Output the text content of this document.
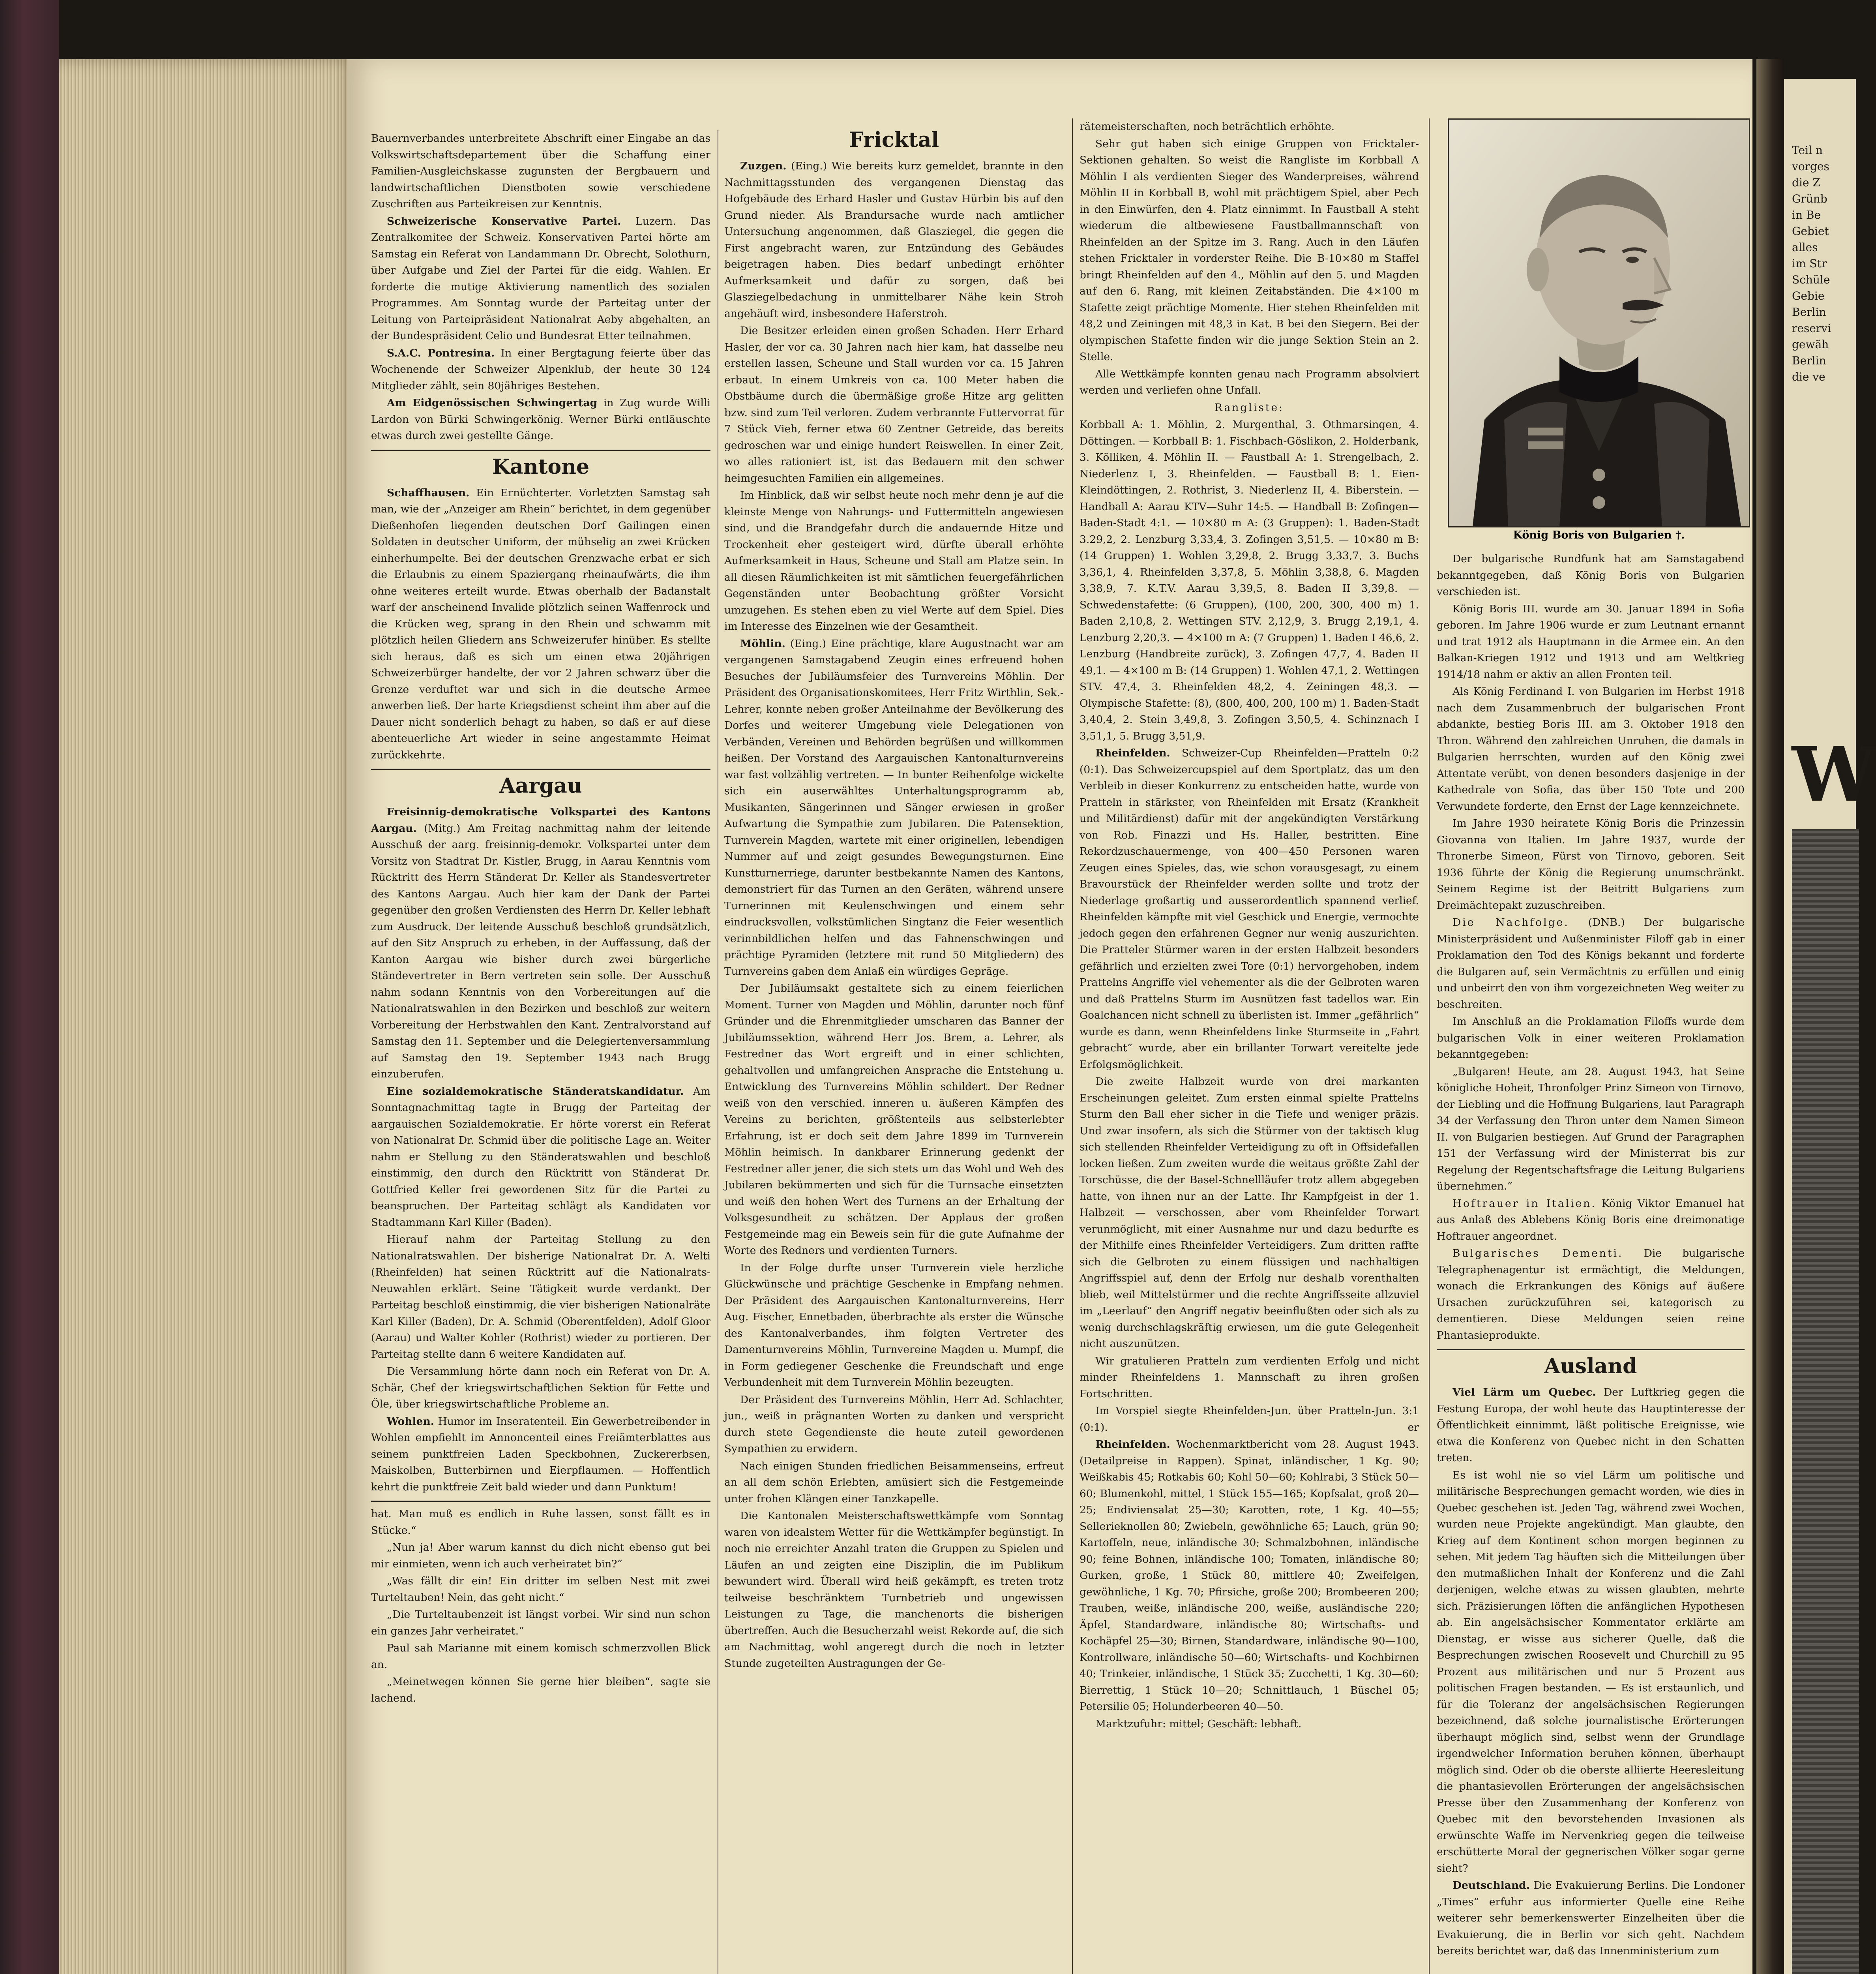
Bauernverbandes unterbreitete Abschrift einer Eingabe an das Volkswirtschaftsdepartement über die Schaffung einer Familien-Ausgleichskasse zugunsten der Bergbauern und landwirtschaftlichen Dienstboten sowie verschiedene Zuschriften aus Parteikreisen zur Kenntnis.

Schweizerische Konservative Partei. Luzern. Das Zentralkomitee der Schweiz. Konservativen Partei hörte am Samstag ein Referat von Landammann Dr. Obrecht, Solothurn, über Aufgabe und Ziel der Partei für die eidg. Wahlen. Er forderte die mutige Aktivierung namentlich des sozialen Programmes. Am Sonntag wurde der Parteitag unter der Leitung von Parteipräsident Nationalrat Aeby abgehalten, an der Bundespräsident Celio und Bundesrat Etter teilnahmen.

S.A.C. Pontresina. In einer Bergtagung feierte über das Wochenende der Schweizer Alpenklub, der heute 30 124 Mitglieder zählt, sein 80jähriges Bestehen.

Am Eidgenössischen Schwingertag in Zug wurde Willi Lardon von Bürki Schwingerkönig. Werner Bürki entläuschte etwas durch zwei gestellte Gänge.

Kantone

Schaffhausen. Ein Ernüchterter. Vorletzten Samstag sah man, wie der „Anzeiger am Rhein“ berichtet, in dem gegenüber Dießenhofen liegenden deutschen Dorf Gailingen einen Soldaten in deutscher Uniform, der mühselig an zwei Krücken einherhumpelte. Bei der deutschen Grenzwache erbat er sich die Erlaubnis zu einem Spaziergang rheinaufwärts, die ihm ohne weiteres erteilt wurde. Etwas oberhalb der Badanstalt warf der anscheinend Invalide plötzlich seinen Waffenrock und die Krücken weg, sprang in den Rhein und schwamm mit plötzlich heilen Gliedern ans Schweizerufer hinüber. Es stellte sich heraus, daß es sich um einen etwa 20jährigen Schweizerbürger handelte, der vor 2 Jahren schwarz über die Grenze verduftet war und sich in die deutsche Armee anwerben ließ. Der harte Kriegsdienst scheint ihm aber auf die Dauer nicht sonderlich behagt zu haben, so daß er auf diese abenteuerliche Art wieder in seine angestammte Heimat zurückkehrte.

Aargau

Freisinnig-demokratische Volkspartei des Kantons Aargau. (Mitg.) Am Freitag nachmittag nahm der leitende Ausschuß der aarg. freisinnig-demokr. Volkspartei unter dem Vorsitz von Stadtrat Dr. Kistler, Brugg, in Aarau Kenntnis vom Rücktritt des Herrn Ständerat Dr. Keller als Standesvertreter des Kantons Aargau. Auch hier kam der Dank der Partei gegenüber den großen Verdiensten des Herrn Dr. Keller lebhaft zum Ausdruck. Der leitende Ausschuß beschloß grundsätzlich, auf den Sitz Anspruch zu erheben, in der Auffassung, daß der Kanton Aargau wie bisher durch zwei bürgerliche Ständevertreter in Bern vertreten sein solle. Der Ausschuß nahm sodann Kenntnis von den Vorbereitungen auf die Nationalratswahlen in den Bezirken und beschloß zur weitern Vorbereitung der Herbstwahlen den Kant. Zentralvorstand auf Samstag den 11. September und die Delegiertenversammlung auf Samstag den 19. September 1943 nach Brugg einzuberufen.

Eine sozialdemokratische Ständeratskandidatur. Am Sonntagnachmittag tagte in Brugg der Parteitag der aargauischen Sozialdemokratie. Er hörte vorerst ein Referat von Nationalrat Dr. Schmid über die politische Lage an. Weiter nahm er Stellung zu den Ständeratswahlen und beschloß einstimmig, den durch den Rücktritt von Ständerat Dr. Gottfried Keller frei gewordenen Sitz für die Partei zu beanspruchen. Der Parteitag schlägt als Kandidaten vor Stadtammann Karl Killer (Baden).

Hierauf nahm der Parteitag Stellung zu den Nationalratswahlen. Der bisherige Nationalrat Dr. A. Welti (Rheinfelden) hat seinen Rücktritt auf die Nationalrats-Neuwahlen erklärt. Seine Tätigkeit wurde verdankt. Der Parteitag beschloß einstimmig, die vier bisherigen Nationalräte Karl Killer (Baden), Dr. A. Schmid (Oberentfelden), Adolf Gloor (Aarau) und Walter Kohler (Rothrist) wieder zu portieren. Der Parteitag stellte dann 6 weitere Kandidaten auf.

Die Versammlung hörte dann noch ein Referat von Dr. A. Schär, Chef der kriegswirtschaftlichen Sektion für Fette und Öle, über kriegswirtschaftliche Probleme an.

Wohlen. Humor im Inseratenteil. Ein Gewerbetreibender in Wohlen empfiehlt im Annoncenteil eines Freiämterblattes aus seinem punktfreien Laden Speckbohnen, Zuckererbsen, Maiskolben, Butterbirnen und Eierpflaumen. — Hoffentlich kehrt die punktfreie Zeit bald wieder und dann Punktum!

hat. Man muß es endlich in Ruhe lassen, sonst fällt es in Stücke.“

„Nun ja! Aber warum kannst du dich nicht ebenso gut bei mir einmieten, wenn ich auch verheiratet bin?“

„Was fällt dir ein! Ein dritter im selben Nest mit zwei Turteltauben! Nein, das geht nicht.“

„Die Turteltaubenzeit ist längst vorbei. Wir sind nun schon ein ganzes Jahr verheiratet.“

Paul sah Marianne mit einem komisch schmerzvollen Blick an.

„Meinetwegen können Sie gerne hier bleiben“, sagte sie lachend.

Fricktal

Zuzgen. (Eing.) Wie bereits kurz gemeldet, brannte in den Nachmittagsstunden des vergangenen Dienstag das Hofgebäude des Erhard Hasler und Gustav Hürbin bis auf den Grund nieder. Als Brandursache wurde nach amtlicher Untersuchung angenommen, daß Glasziegel, die gegen die First angebracht waren, zur Entzündung des Gebäudes beigetragen haben. Dies bedarf unbedingt erhöhter Aufmerksamkeit und dafür zu sorgen, daß bei Glasziegelbedachung in unmittelbarer Nähe kein Stroh angehäuft wird, insbesondere Haferstroh.

Die Besitzer erleiden einen großen Schaden. Herr Erhard Hasler, der vor ca. 30 Jahren nach hier kam, hat dasselbe neu erstellen lassen, Scheune und Stall wurden vor ca. 15 Jahren erbaut. In einem Umkreis von ca. 100 Meter haben die Obstbäume durch die übermäßige große Hitze arg gelitten bzw. sind zum Teil verloren. Zudem verbrannte Futtervorrat für 7 Stück Vieh, ferner etwa 60 Zentner Getreide, das bereits gedroschen war und einige hundert Reiswellen. In einer Zeit, wo alles rationiert ist, ist das Bedauern mit den schwer heimgesuchten Familien ein allgemeines.

Im Hinblick, daß wir selbst heute noch mehr denn je auf die kleinste Menge von Nahrungs- und Futtermitteln angewiesen sind, und die Brandgefahr durch die andauernde Hitze und Trockenheit eher gesteigert wird, dürfte überall erhöhte Aufmerksamkeit in Haus, Scheune und Stall am Platze sein. In all diesen Räumlichkeiten ist mit sämtlichen feuergefährlichen Gegenständen unter Beobachtung größter Vorsicht umzugehen. Es stehen eben zu viel Werte auf dem Spiel. Dies im Interesse des Einzelnen wie der Gesamtheit.

Möhlin. (Eing.) Eine prächtige, klare Augustnacht war am vergangenen Samstagabend Zeugin eines erfreuend hohen Besuches der Jubiläumsfeier des Turnvereins Möhlin. Der Präsident des Organisationskomitees, Herr Fritz Wirthlin, Sek.-Lehrer, konnte neben großer Anteilnahme der Bevölkerung des Dorfes und weiterer Umgebung viele Delegationen von Verbänden, Vereinen und Behörden begrüßen und willkommen heißen. Der Vorstand des Aargauischen Kantonalturnvereins war fast vollzählig vertreten. — In bunter Reihenfolge wickelte sich ein auserwähltes Unterhaltungsprogramm ab, Musikanten, Sängerinnen und Sänger erwiesen in großer Aufwartung die Sympathie zum Jubilaren. Die Patensektion, Turnverein Magden, wartete mit einer originellen, lebendigen Nummer auf und zeigt gesundes Bewegungsturnen. Eine Kunstturnerriege, darunter bestbekannte Namen des Kantons, demonstriert für das Turnen an den Geräten, während unsere Turnerinnen mit Keulenschwingen und einem sehr eindrucksvollen, volkstümlichen Singtanz die Feier wesentlich verinnbildlichen helfen und das Fahnenschwingen und prächtige Pyramiden (letztere mit rund 50 Mitgliedern) des Turnvereins gaben dem Anlaß ein würdiges Gepräge.

Der Jubiläumsakt gestaltete sich zu einem feierlichen Moment. Turner von Magden und Möhlin, darunter noch fünf Gründer und die Ehrenmitglieder umscharen das Banner der Jubiläumssektion, während Herr Jos. Brem, a. Lehrer, als Festredner das Wort ergreift und in einer schlichten, gehaltvollen und umfangreichen Ansprache die Entstehung u. Entwicklung des Turnvereins Möhlin schildert. Der Redner weiß von den verschied. inneren u. äußeren Kämpfen des Vereins zu berichten, größtenteils aus selbsterlebter Erfahrung, ist er doch seit dem Jahre 1899 im Turnverein Möhlin heimisch. In dankbarer Erinnerung gedenkt der Festredner aller jener, die sich stets um das Wohl und Weh des Jubilaren bekümmerten und sich für die Turnsache einsetzten und weiß den hohen Wert des Turnens an der Erhaltung der Volksgesundheit zu schätzen. Der Applaus der großen Festgemeinde mag ein Beweis sein für die gute Aufnahme der Worte des Redners und verdienten Turners.

In der Folge durfte unser Turnverein viele herzliche Glückwünsche und prächtige Geschenke in Empfang nehmen. Der Präsident des Aargauischen Kantonalturnvereins, Herr Aug. Fischer, Ennetbaden, überbrachte als erster die Wünsche des Kantonalverbandes, ihm folgten Vertreter des Damenturnvereins Möhlin, Turnvereine Magden u. Mumpf, die in Form gediegener Geschenke die Freundschaft und enge Verbundenheit mit dem Turnverein Möhlin bezeugten.

Der Präsident des Turnvereins Möhlin, Herr Ad. Schlachter, jun., weiß in prägnanten Worten zu danken und verspricht durch stete Gegendienste die heute zuteil gewordenen Sympathien zu erwidern.

Nach einigen Stunden friedlichen Beisammenseins, erfreut an all dem schön Erlebten, amüsiert sich die Festgemeinde unter frohen Klängen einer Tanzkapelle.

Die Kantonalen Meisterschaftswettkämpfe vom Sonntag waren von idealstem Wetter für die Wettkämpfer begünstigt. In noch nie erreichter Anzahl traten die Gruppen zu Spielen und Läufen an und zeigten eine Disziplin, die im Publikum bewundert wird. Überall wird heiß gekämpft, es treten trotz teilweise beschränktem Turnbetrieb und ungewissen Leistungen zu Tage, die manchenorts die bisherigen übertreffen. Auch die Besucherzahl weist Rekorde auf, die sich am Nachmittag, wohl angeregt durch die noch in letzter Stunde zugeteilten Austragungen der Ge-

rätemeisterschaften, noch beträchtlich erhöhte.

Sehr gut haben sich einige Gruppen von Fricktaler-Sektionen gehalten. So weist die Rangliste im Korbball A Möhlin I als verdienten Sieger des Wanderpreises, während Möhlin II in Korbball B, wohl mit prächtigem Spiel, aber Pech in den Einwürfen, den 4. Platz einnimmt. In Faustball A steht wiederum die altbewiesene Faustballmannschaft von Rheinfelden an der Spitze im 3. Rang. Auch in den Läufen stehen Fricktaler in vorderster Reihe. Die B-10×80 m Staffel bringt Rheinfelden auf den 4., Möhlin auf den 5. und Magden auf den 6. Rang, mit kleinen Zeitabständen. Die 4×100 m Stafette zeigt prächtige Momente. Hier stehen Rheinfelden mit 48,2 und Zeiningen mit 48,3 in Kat. B bei den Siegern. Bei der olympischen Stafette finden wir die junge Sektion Stein an 2. Stelle.

Alle Wettkämpfe konnten genau nach Programm absolviert werden und verliefen ohne Unfall.

Rangliste:

Korbball A: 1. Möhlin, 2. Murgenthal, 3. Othmarsingen, 4. Döttingen. — Korbball B: 1. Fischbach-Göslikon, 2. Holderbank, 3. Kölliken, 4. Möhlin II. — Faustball A: 1. Strengelbach, 2. Niederlenz I, 3. Rheinfelden. — Faustball B: 1. Eien-Kleindöttingen, 2. Rothrist, 3. Niederlenz II, 4. Biberstein. — Handball A: Aarau KTV—Suhr 14:5. — Handball B: Zofingen—Baden-Stadt 4:1. — 10×80 m A: (3 Gruppen): 1. Baden-Stadt 3.29,2, 2. Lenzburg 3,33,4, 3. Zofingen 3,51,5. — 10×80 m B: (14 Gruppen) 1. Wohlen 3,29,8, 2. Brugg 3,33,7, 3. Buchs 3,36,1, 4. Rheinfelden 3,37,8, 5. Möhlin 3,38,8, 6. Magden 3,38,9, 7. K.T.V. Aarau 3,39,5, 8. Baden II 3,39,8. — Schwedenstafette: (6 Gruppen), (100, 200, 300, 400 m) 1. Baden 2,10,8, 2. Wettingen STV. 2,12,9, 3. Brugg 2,19,1, 4. Lenzburg 2,20,3. — 4×100 m A: (7 Gruppen) 1. Baden I 46,6, 2. Lenzburg (Handbreite zurück), 3. Zofingen 47,7, 4. Baden II 49,1. — 4×100 m B: (14 Gruppen) 1. Wohlen 47,1, 2. Wettingen STV. 47,4, 3. Rheinfelden 48,2, 4. Zeiningen 48,3. — Olympische Stafette: (8), (800, 400, 200, 100 m) 1. Baden-Stadt 3,40,4, 2. Stein 3,49,8, 3. Zofingen 3,50,5, 4. Schinznach I 3,51,1, 5. Brugg 3,51,9.

Rheinfelden. Schweizer-Cup Rheinfelden—Pratteln 0:2 (0:1). Das Schweizercupspiel auf dem Sportplatz, das um den Verbleib in dieser Konkurrenz zu entscheiden hatte, wurde von Pratteln in stärkster, von Rheinfelden mit Ersatz (Krankheit und Militärdienst) dafür mit der angekündigten Verstärkung von Rob. Finazzi und Hs. Haller, bestritten. Eine Rekordzuschauermenge, von 400—450 Personen waren Zeugen eines Spieles, das, wie schon vorausgesagt, zu einem Bravourstück der Rheinfelder werden sollte und trotz der Niederlage großartig und ausserordentlich spannend verlief. Rheinfelden kämpfte mit viel Geschick und Energie, vermochte jedoch gegen den erfahrenen Gegner nur wenig auszurichten. Die Pratteler Stürmer waren in der ersten Halbzeit besonders gefährlich und erzielten zwei Tore (0:1) hervorgehoben, indem Prattelns Angriffe viel vehementer als die der Gelbroten waren und daß Prattelns Sturm im Ausnützen fast tadellos war. Ein Goalchancen nicht schnell zu überlisten ist. Immer „gefährlich“ wurde es dann, wenn Rheinfeldens linke Sturmseite in „Fahrt gebracht“ wurde, aber ein brillanter Torwart vereitelte jede Erfolgsmöglichkeit.

Die zweite Halbzeit wurde von drei markanten Erscheinungen geleitet. Zum ersten einmal spielte Prattelns Sturm den Ball eher sicher in die Tiefe und weniger präzis. Und zwar insofern, als sich die Stürmer von der taktisch klug sich stellenden Rheinfelder Verteidigung zu oft in Offsidefallen locken ließen. Zum zweiten wurde die weitaus größte Zahl der Torschüsse, die der Basel-Schnellläufer trotz allem abgegeben hatte, von ihnen nur an der Latte. Ihr Kampfgeist in der 1. Halbzeit — verschossen, aber vom Rheinfelder Torwart verunmöglicht, mit einer Ausnahme nur und dazu bedurfte es der Mithilfe eines Rheinfelder Verteidigers. Zum dritten raffte sich die Gelbroten zu einem flüssigen und nachhaltigen Angriffsspiel auf, denn der Erfolg nur deshalb vorenthalten blieb, weil Mittelstürmer und die rechte Angriffsseite allzuviel im „Leerlauf“ den Angriff negativ beeinflußten oder sich als zu wenig durchschlagskräftig erwiesen, um die gute Gelegenheit nicht auszunützen.

Wir gratulieren Pratteln zum verdienten Erfolg und nicht minder Rheinfeldens 1. Mannschaft zu ihren großen Fortschritten.

Im Vorspiel siegte Rheinfelden-Jun. über Pratteln-Jun. 3:1 (0:1).	er

Rheinfelden. Wochenmarktbericht vom 28. August 1943. (Detailpreise in Rappen). Spinat, inländischer, 1 Kg. 90; Weißkabis 45; Rotkabis 60; Kohl 50—60; Kohlrabi, 3 Stück 50—60; Blumenkohl, mittel, 1 Stück 155—165; Kopfsalat, groß 20—25; Endiviensalat 25—30; Karotten, rote, 1 Kg. 40—55; Sellerieknollen 80; Zwiebeln, gewöhnliche 65; Lauch, grün 90; Kartoffeln, neue, inländische 30; Schmalzbohnen, inländische 90; feine Bohnen, inländische 100; Tomaten, inländische 80; Gurken, große, 1 Stück 80, mittlere 40; Zweifelgen, gewöhnliche, 1 Kg. 70; Pfirsiche, große 200; Brombeeren 200; Trauben, weiße, inländische 200, weiße, ausländische 220; Äpfel, Standardware, inländische 80; Wirtschafts- und Kochäpfel 25—30; Birnen, Standardware, inländische 90—100, Kontrollware, inländische 50—60; Wirtschafts- und Kochbirnen 40; Trinkeier, inländische, 1 Stück 35; Zucchetti, 1 Kg. 30—60; Bierrettig, 1 Stück 10—20; Schnittlauch, 1 Büschel 05; Petersilie 05; Holunderbeeren 40—50.

Marktzufuhr: mittel; Geschäft: lebhaft.

König Boris von Bulgarien †.

Der bulgarische Rundfunk hat am Samstagabend bekanntgegeben, daß König Boris von Bulgarien verschieden ist.

König Boris III. wurde am 30. Januar 1894 in Sofia geboren. Im Jahre 1906 wurde er zum Leutnant ernannt und trat 1912 als Hauptmann in die Armee ein. An den Balkan-Kriegen 1912 und 1913 und am Weltkrieg 1914/18 nahm er aktiv an allen Fronten teil.

Als König Ferdinand I. von Bulgarien im Herbst 1918 nach dem Zusammenbruch der bulgarischen Front abdankte, bestieg Boris III. am 3. Oktober 1918 den Thron. Während den zahlreichen Unruhen, die damals in Bulgarien herrschten, wurden auf den König zwei Attentate verübt, von denen besonders dasjenige in der Kathedrale von Sofia, das über 150 Tote und 200 Verwundete forderte, den Ernst der Lage kennzeichnete.

Im Jahre 1930 heiratete König Boris die Prinzessin Giovanna von Italien. Im Jahre 1937, wurde der Thronerbe Simeon, Fürst von Tirnovo, geboren. Seit 1936 führte der König die Regierung unumschränkt. Seinem Regime ist der Beitritt Bulgariens zum Dreimächtepakt zuzuschreiben.

Die Nachfolge. (DNB.) Der bulgarische Ministerpräsident und Außenminister Filoff gab in einer Proklamation den Tod des Königs bekannt und forderte die Bulgaren auf, sein Vermächtnis zu erfüllen und einig und unbeirrt den von ihm vorgezeichneten Weg weiter zu beschreiten.

Im Anschluß an die Proklamation Filoffs wurde dem bulgarischen Volk in einer weiteren Proklamation bekanntgegeben:

„Bulgaren! Heute, am 28. August 1943, hat Seine königliche Hoheit, Thronfolger Prinz Simeon von Tirnovo, der Liebling und die Hoffnung Bulgariens, laut Paragraph 34 der Verfassung den Thron unter dem Namen Simeon II. von Bulgarien bestiegen. Auf Grund der Paragraphen 151 der Verfassung wird der Ministerrat bis zur Regelung der Regentschaftsfrage die Leitung Bulgariens übernehmen.“

Hoftrauer in Italien. König Viktor Emanuel hat aus Anlaß des Ablebens König Boris eine dreimonatige Hoftrauer angeordnet.

Bulgarisches Dementi. Die bulgarische Telegraphenagentur ist ermächtigt, die Meldungen, wonach die Erkrankungen des Königs auf äußere Ursachen zurückzuführen sei, kategorisch zu dementieren. Diese Meldungen seien reine Phantasieprodukte.

Ausland

Viel Lärm um Quebec. Der Luftkrieg gegen die Festung Europa, der wohl heute das Hauptinteresse der Öffentlichkeit einnimmt, läßt politische Ereignisse, wie etwa die Konferenz von Quebec nicht in den Schatten treten.

Es ist wohl nie so viel Lärm um politische und militärische Besprechungen gemacht worden, wie dies in Quebec geschehen ist. Jeden Tag, während zwei Wochen, wurden neue Projekte angekündigt. Man glaubte, den Krieg auf dem Kontinent schon morgen beginnen zu sehen. Mit jedem Tag häuften sich die Mitteilungen über den mutmaßlichen Inhalt der Konferenz und die Zahl derjenigen, welche etwas zu wissen glaubten, mehrte sich. Präzisierungen löften die anfänglichen Hypothesen ab. Ein angelsächsischer Kommentator erklärte am Dienstag, er wisse aus sicherer Quelle, daß die Besprechungen zwischen Roosevelt und Churchill zu 95 Prozent aus militärischen und nur 5 Prozent aus politischen Fragen bestanden. — Es ist erstaunlich, und für die Toleranz der angelsächsischen Regierungen bezeichnend, daß solche journalistische Erörterungen überhaupt möglich sind, selbst wenn der Grundlage irgendwelcher Information beruhen können, überhaupt möglich sind. Oder ob die oberste alliierte Heeresleitung die phantasievollen Erörterungen der angelsächsischen Presse über den Zusammenhang der Konferenz von Quebec mit den bevorstehenden Invasionen als erwünschte Waffe im Nervenkrieg gegen die teilweise erschütterte Moral der gegnerischen Völker sogar gerne sieht?

Deutschland. Die Evakuierung Berlins. Die Londoner „Times“ erfuhr aus informierter Quelle eine Reihe weiterer sehr bemerkenswerter Einzelheiten über die Evakuierung, die in Berlin vor sich geht. Nachdem bereits berichtet war, daß das Innenministerium zum

Teil n
vorges
die Z
Grünb
in Be
Gebiet
alles
im Str
Schüle
Gebie
Berlin
reservi
gewäh
Berlin
die ve
W
